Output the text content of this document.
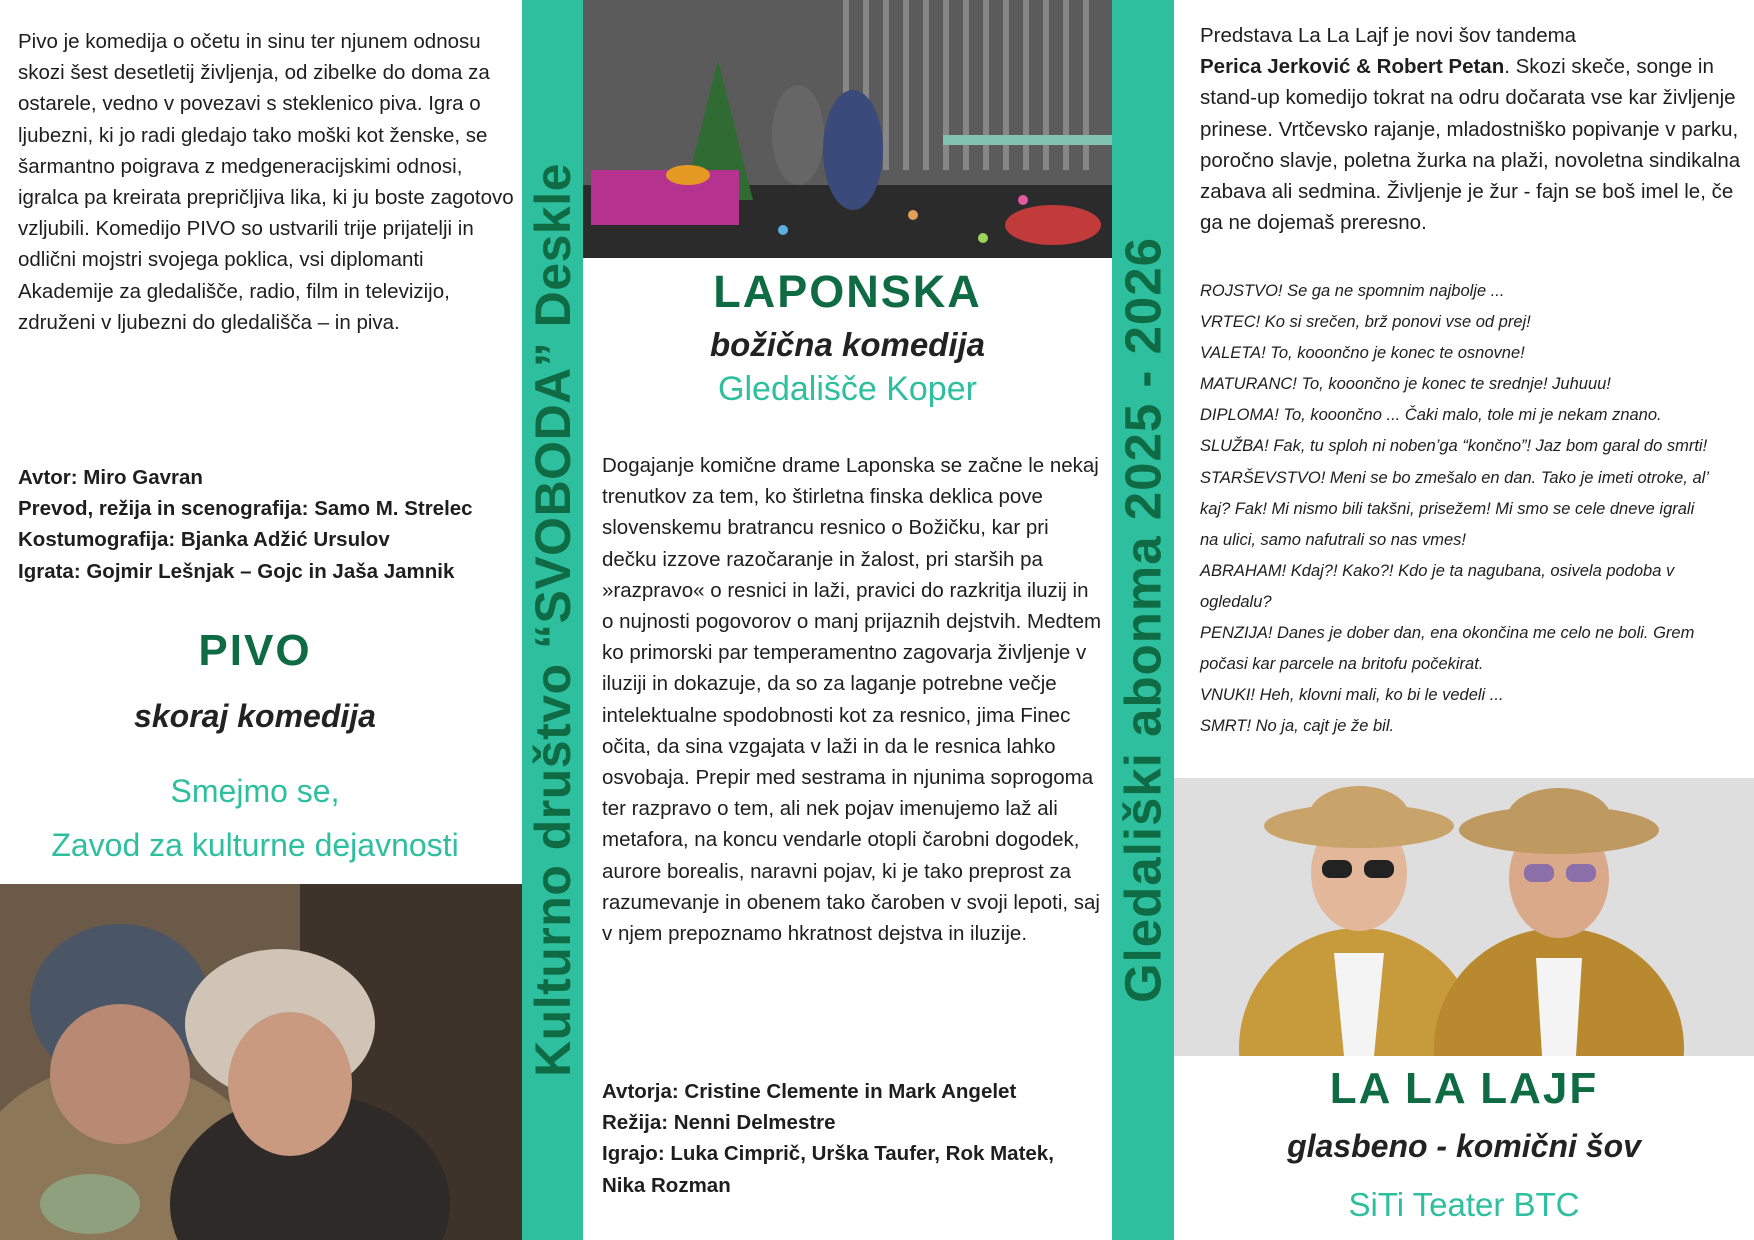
Pivo je komedija o očetu in sinu ter njunem odnosu skozi šest desetletij življenja, od zibelke do doma za ostarele, vedno v povezavi s steklenico piva. Igra o ljubezni, ki jo radi gledajo tako moški kot ženske, se šarmantno poigrava z medgeneracijskimi odnosi, igralca pa kreirata prepričljiva lika, ki ju boste zagotovo vzljubili. Komedijo PIVO so ustvarili trije prijatelji in odlični mojstri svojega poklica, vsi diplomanti Akademije za gledališče, radio, film in televizijo, združeni v ljubezni do gledališča – in piva.

Avtor: Miro Gavran
Prevod, režija in scenografija: Samo M. Strelec
Kostumografija: Bjanka Adžić Ursulov
Igrata: Gojmir Lešnjak – Gojc in Jaša Jamnik
PIVO
skoraj komedija
Smejmo se,
Zavod za kulturne dejavnosti	Kulturno društvo “SVOBODA” Deskle	LAPONSKA
božična komedija
Gledališče Koper

Dogajanje komične drame Laponska se začne le nekaj trenutkov za tem, ko štirletna finska deklica pove slovenskemu bratrancu resnico o Božičku, kar pri dečku izzove razočaranje in žalost, pri starših pa »razpravo« o resnici in laži, pravici do razkritja iluzij in o nujnosti pogovorov o manj prijaznih dejstvih. Medtem ko primorski par temperamentno zagovarja življenje v iluziji in dokazuje, da so za laganje potrebne večje intelektualne spodobnosti kot za resnico, jima Finec očita, da sina vzgajata v laži in da le resnica lahko osvobaja. Prepir med sestrama in njunima soprogoma ter razpravo o tem, ali nek pojav imenujemo laž ali metafora, na koncu vendarle otopli čarobni dogodek, aurore borealis, naravni pojav, ki je tako preprost za razumevanje in obenem tako čaroben v svoji lepoti, saj v njem prepoznamo hkratnost dejstva in iluzije.

Avtorja: Cristine Clemente in Mark Angelet
Režija: Nenni Delmestre
Igrajo: Luka Cimprič, Urška Taufer, Rok Matek, Nika Rozman
Gledališki abonma 2025 - 2026

Predstava La La Lajf je novi šov tandema
Perica Jerković & Robert Petan. Skozi skeče, songe in stand-up komedijo tokrat na odru dočarata vse kar življenje prinese. Vrtčevsko rajanje, mladostniško popivanje v parku, poročno slavje, poletna žurka na plaži, novoletna sindikalna zabava ali sedmina. Življenje je žur - fajn se boš imel le, če ga ne dojemaš preresno.

ROJSTVO! Se ga ne spomnim najbolje ...
VRTEC! Ko si srečen, brž ponovi vse od prej!
VALETA! To, kooončno je konec te osnovne!
MATURANC! To, kooončno je konec te srednje! Juhuuu!
DIPLOMA! To, kooončno ... Čaki malo, tole mi je nekam znano.
SLUŽBA! Fak, tu sploh ni noben’ga “končno”! Jaz bom garal do smrti!
STARŠEVSTVO! Meni se bo zmešalo en dan. Tako je imeti otroke, al’
kaj? Fak! Mi nismo bili takšni, prisežem! Mi smo se cele dneve igrali
na ulici, samo nafutrali so nas vmes!
ABRAHAM! Kdaj?! Kako?! Kdo je ta nagubana, osivela podoba v
ogledalu?
PENZIJA! Danes je dober dan, ena okončina me celo ne boli. Grem
počasi kar parcele na britofu počekirat.
VNUKI! Heh, klovni mali, ko bi le vedeli ...
SMRT! No ja, cajt je že bil.
LA LA LAJF
glasbeno - komični šov
SiTi Teater BTC
